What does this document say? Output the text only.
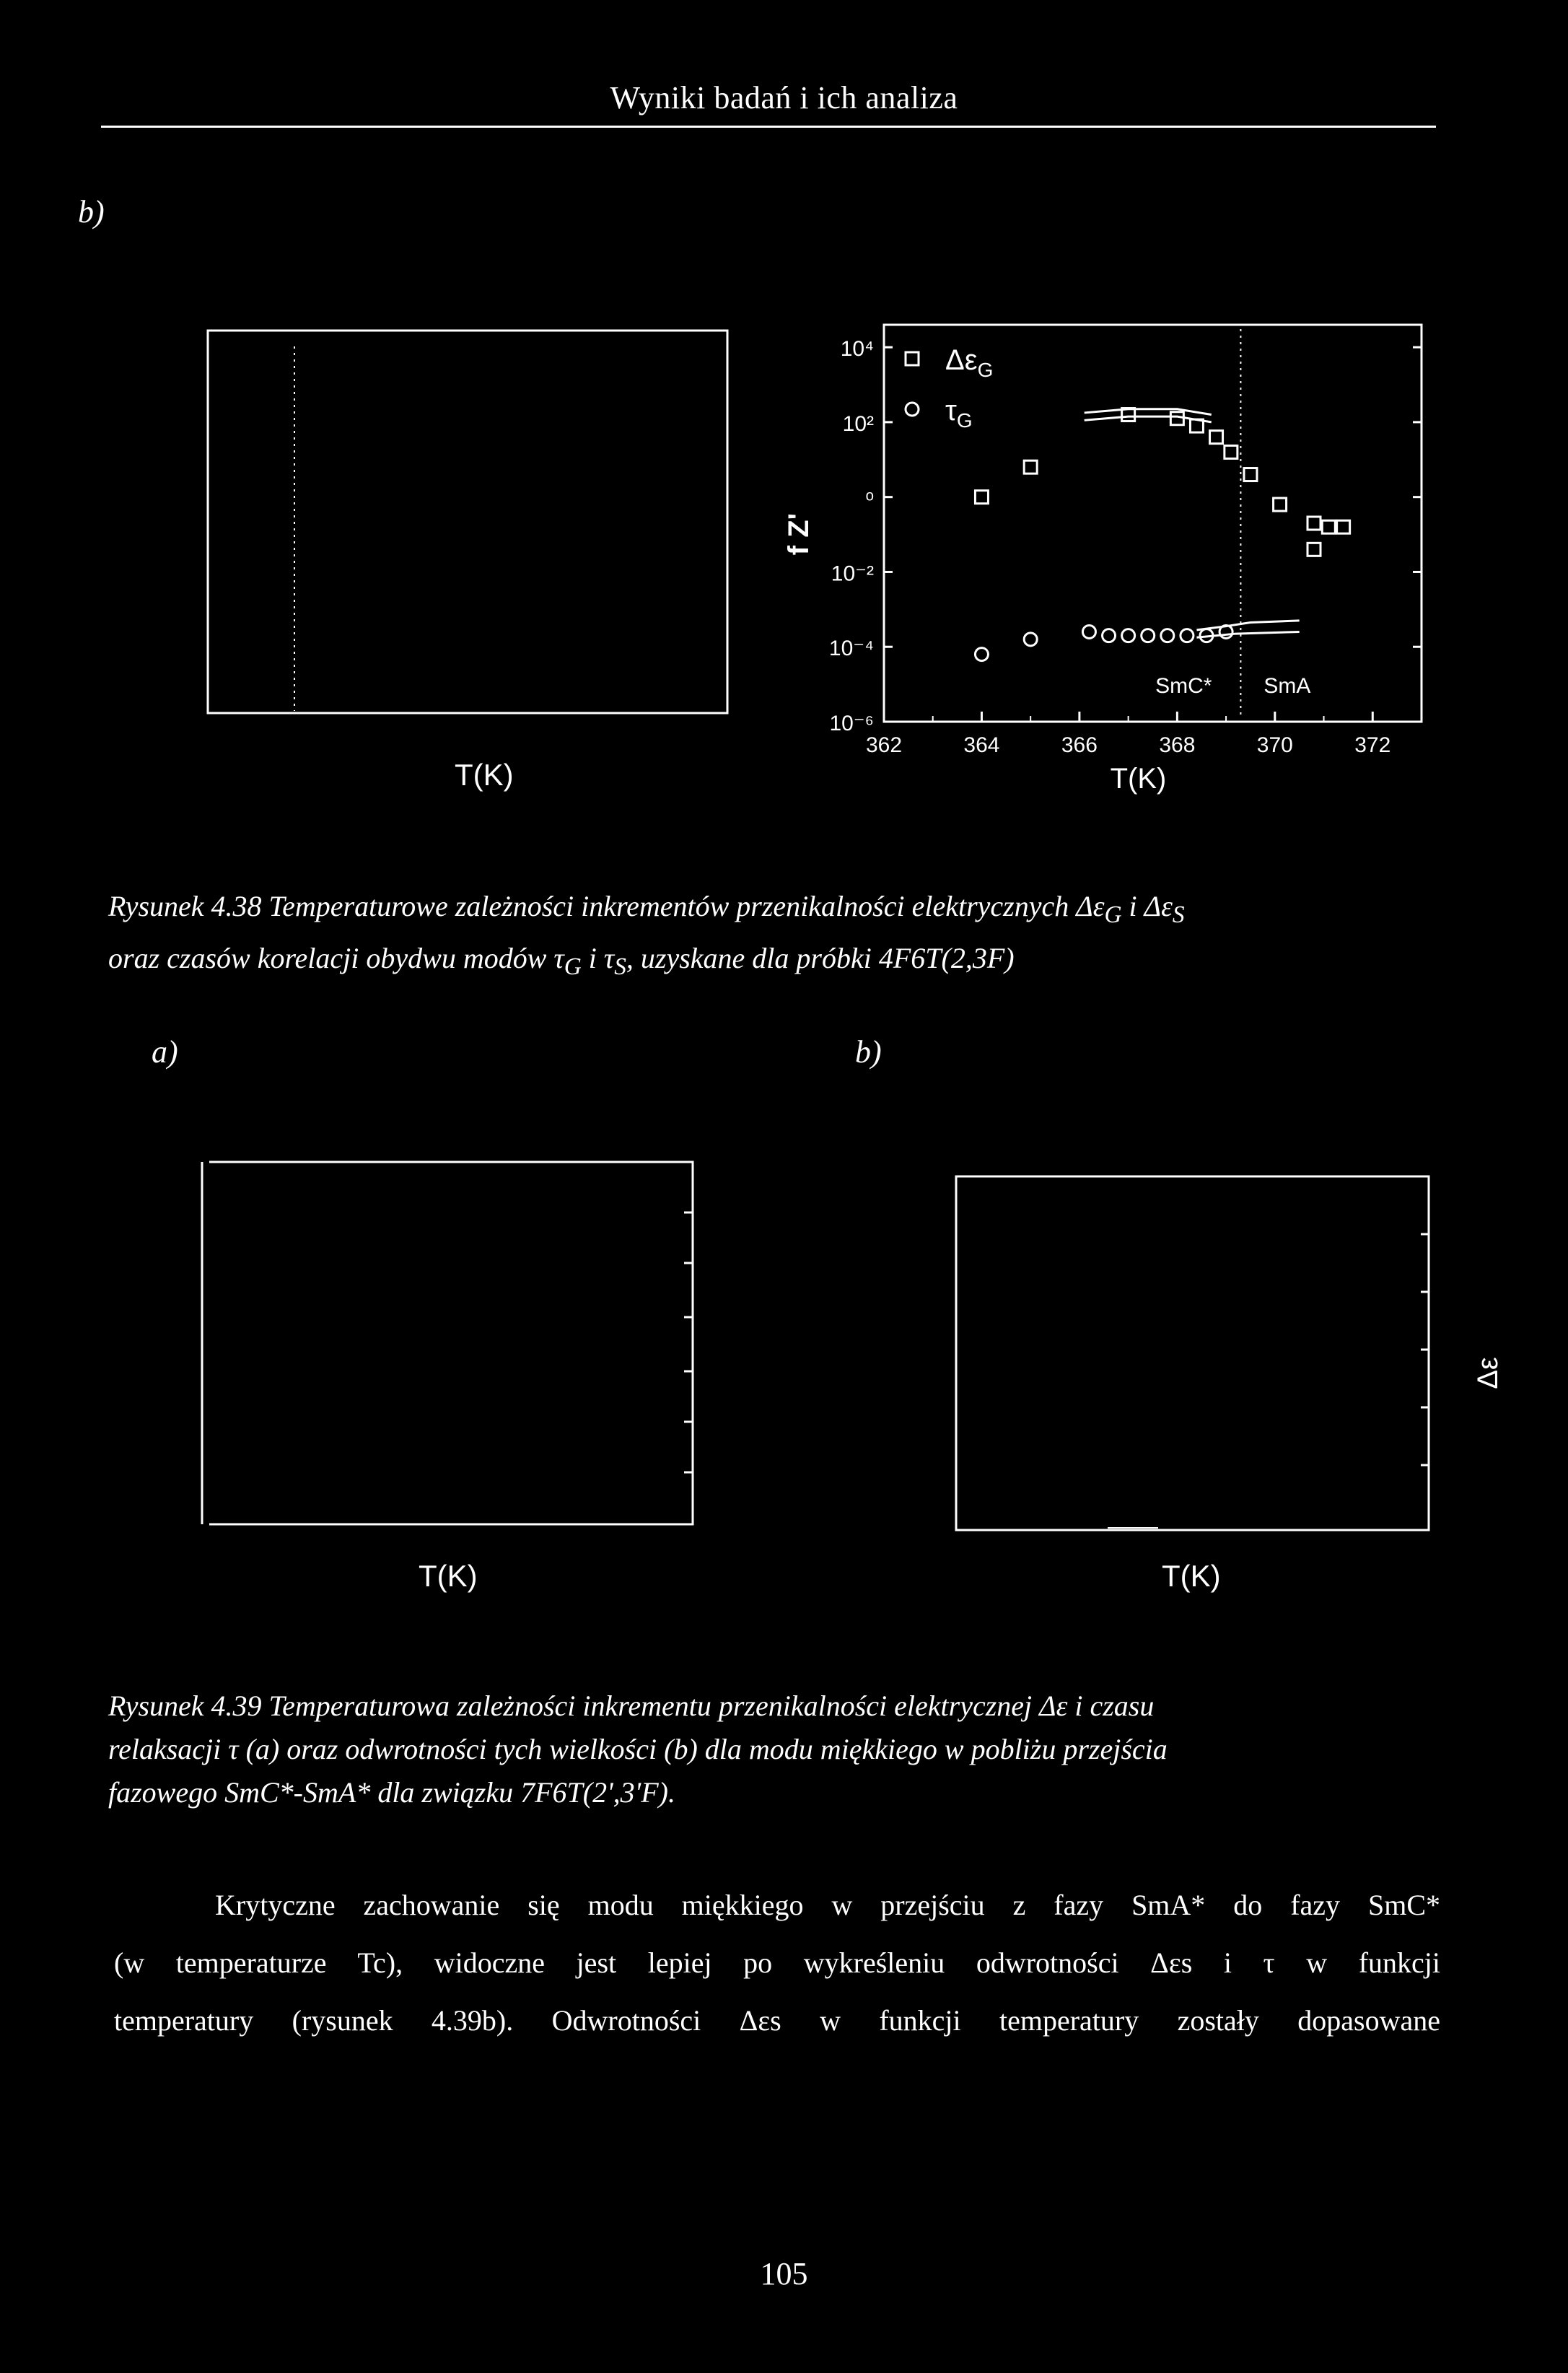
Wyniki badań i ich analiza
b)
T(K)
10⁴
10²
ᵒ
10⁻²
10⁻⁴
10⁻⁶
f Z'
362	364	366	368	370	372
T(K)
SmC* SmA
$\Delta\varepsilon_G$
$\tau_G$
Rysunek 4.38 Temperaturowe zależności inkrementów przenikalności elektrycznych $\Delta\varepsilon_G$ i $\Delta\varepsilon_S$
oraz czasów korelacji obydwu modów $\tau_G$ i $\tau_S$, uzyskane dla próbki 4F6T(2,3F)
a)	b)
T(K)	T(K)
Δε
Rysunek 4.39 Temperaturowa zależności inkrementu przenikalności elektrycznej Δε i czasu
relaksacji τ (a) oraz odwrotności tych wielkości (b) dla modu miękkiego w pobliżu przejścia
fazowego SmC*-SmA* dla związku 7F6T(2',3'F).
Krytyczne zachowanie się modu miękkiego w przejściu z fazy SmA* do fazy SmC*
(w temperaturze Tc), widoczne jest lepiej po wykreśleniu odwrotności Δεs i τ w funkcji
temperatury (rysunek 4.39b). Odwrotności Δεs w funkcji temperatury zostały dopasowane
105
